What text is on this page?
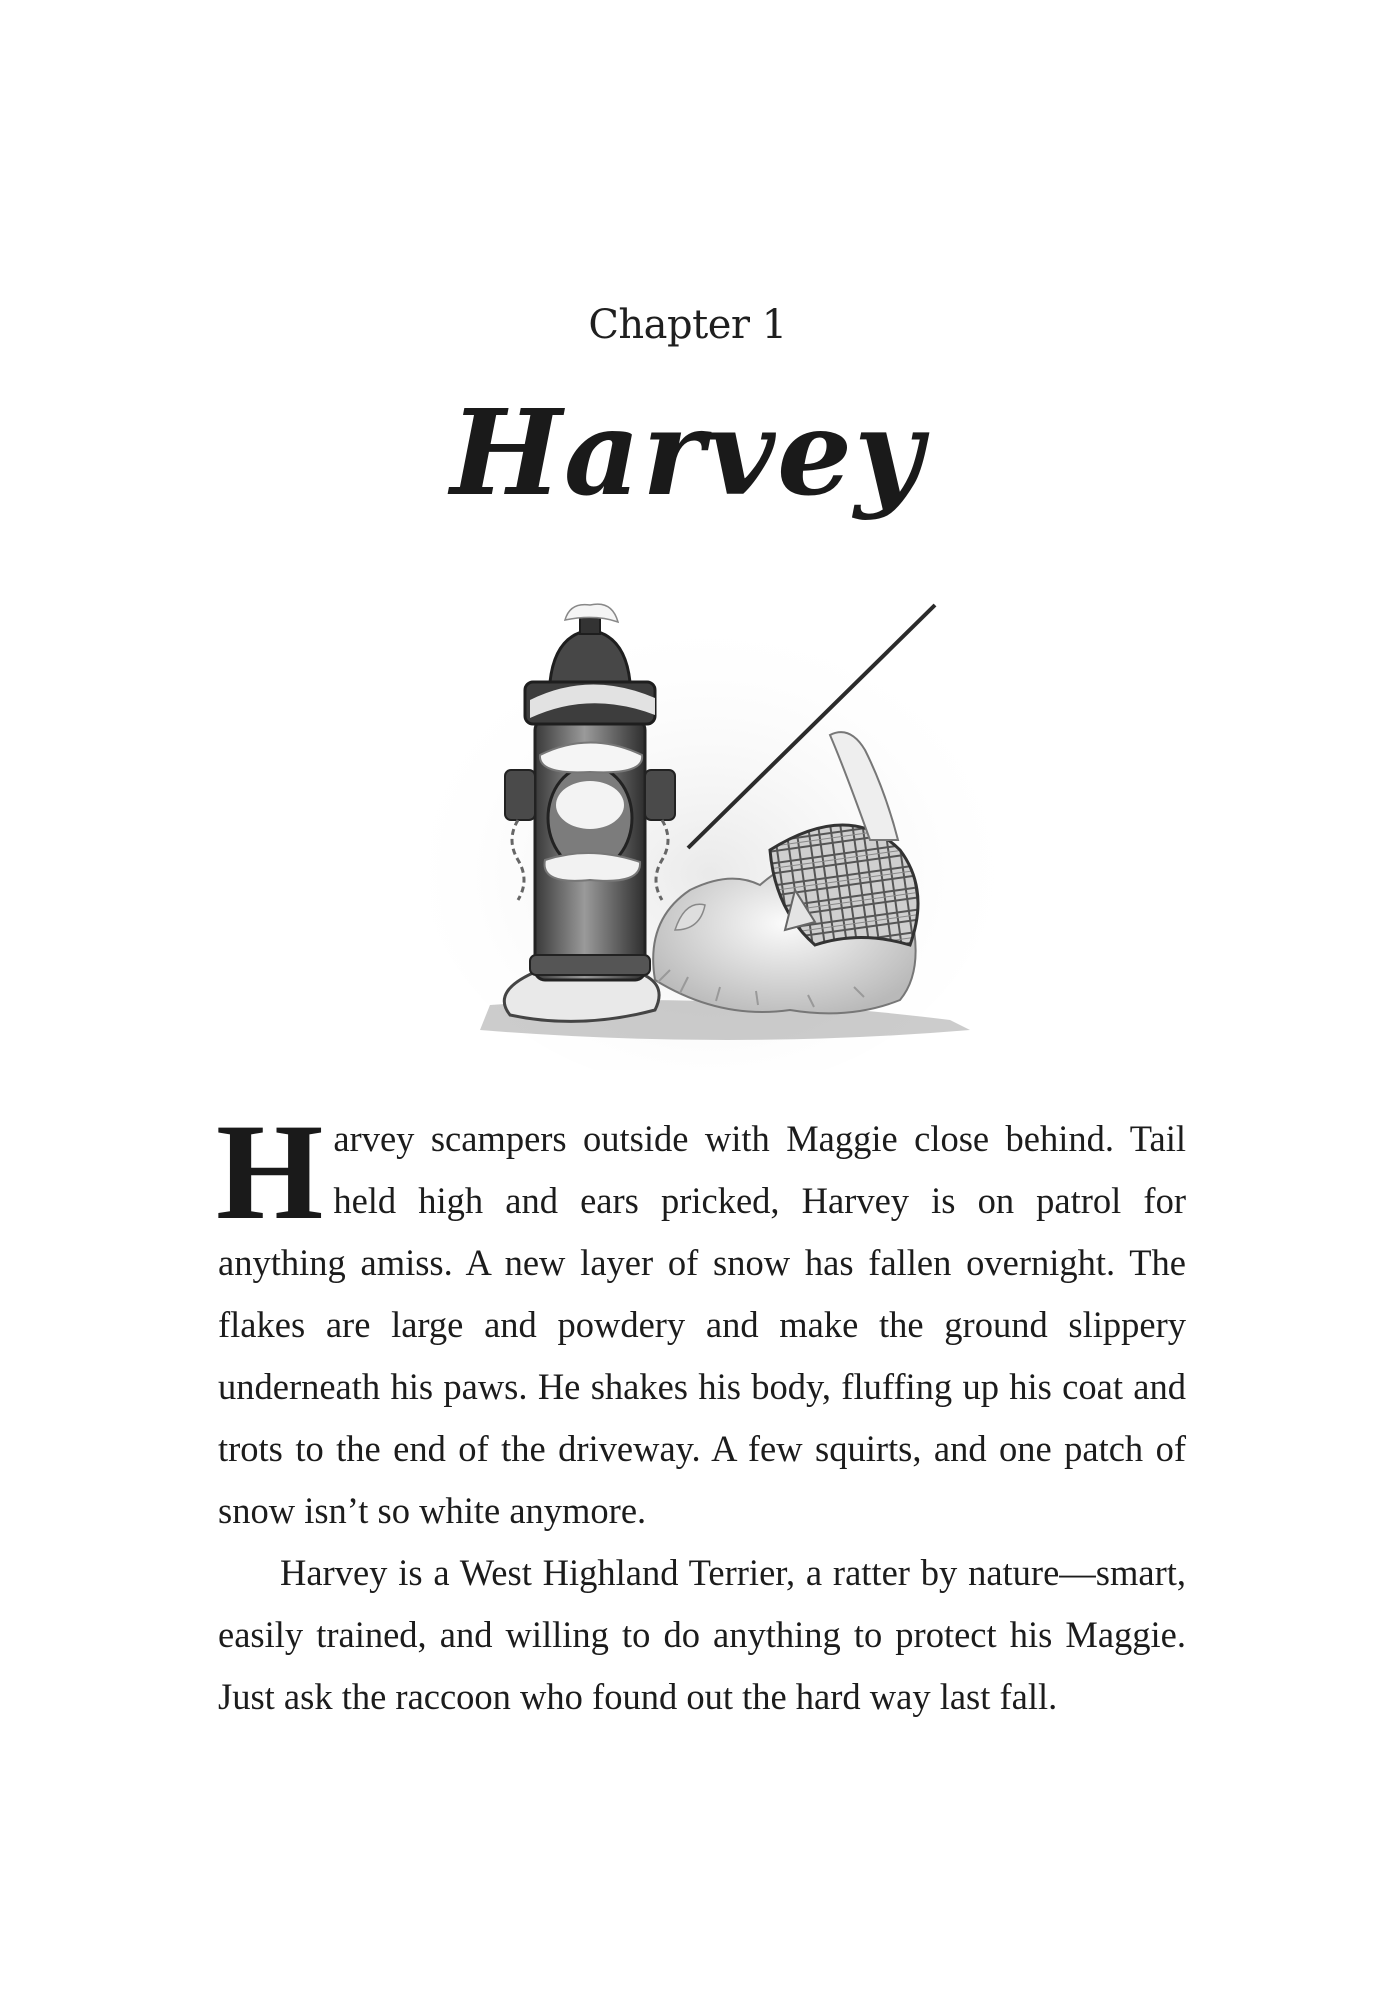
Chapter 1
Harvey

Harvey scampers outside with Maggie close behind. Tail held high and ears pricked, Harvey is on patrol for anything amiss. A new layer of snow has fallen overnight. The flakes are large and powdery and make the ground slippery underneath his paws. He shakes his body, fluffing up his coat and trots to the end of the driveway. A few squirts, and one patch of snow isn’t so white anymore.

Harvey is a West Highland Terrier, a ratter by nature—smart, easily trained, and willing to do anything to protect his Maggie. Just ask the raccoon who found out the hard way last fall.
